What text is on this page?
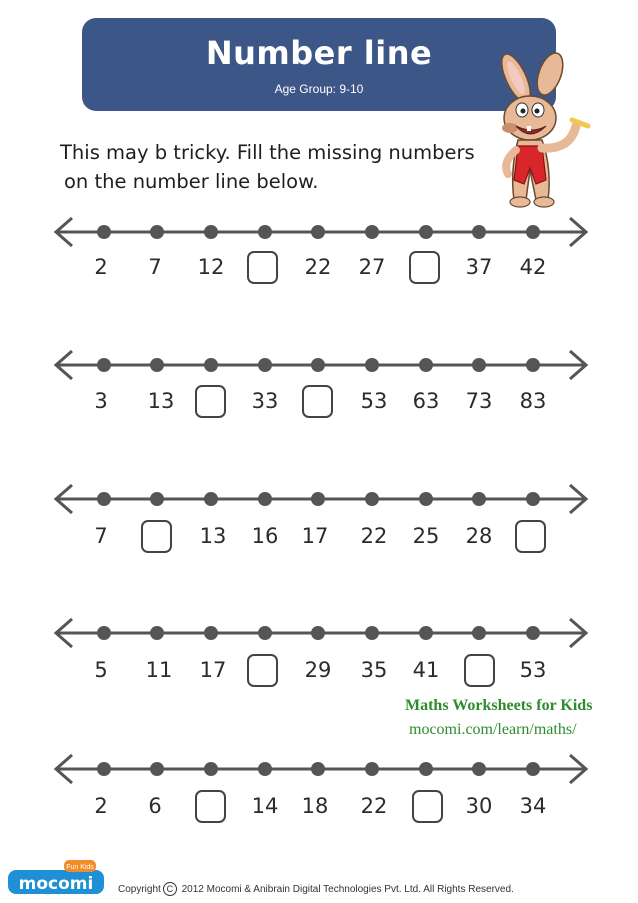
Number line
Age Group: 9-10
This may b tricky. Fill the missing numbers
on the number line below.
2	7	12	22	27	37	42
3	13	33	53	63	73	83
7	13	16	17	22	25	28
5	11	17	29	35	41	53
Maths Worksheets for Kids
mocomi.com/learn/maths/
2	6	14	18	22	30	34
Fun Kids
mocomi Copyright C 2012 Mocomi & Anibrain Digital Technologies Pvt. Ltd. All Rights Reserved.
